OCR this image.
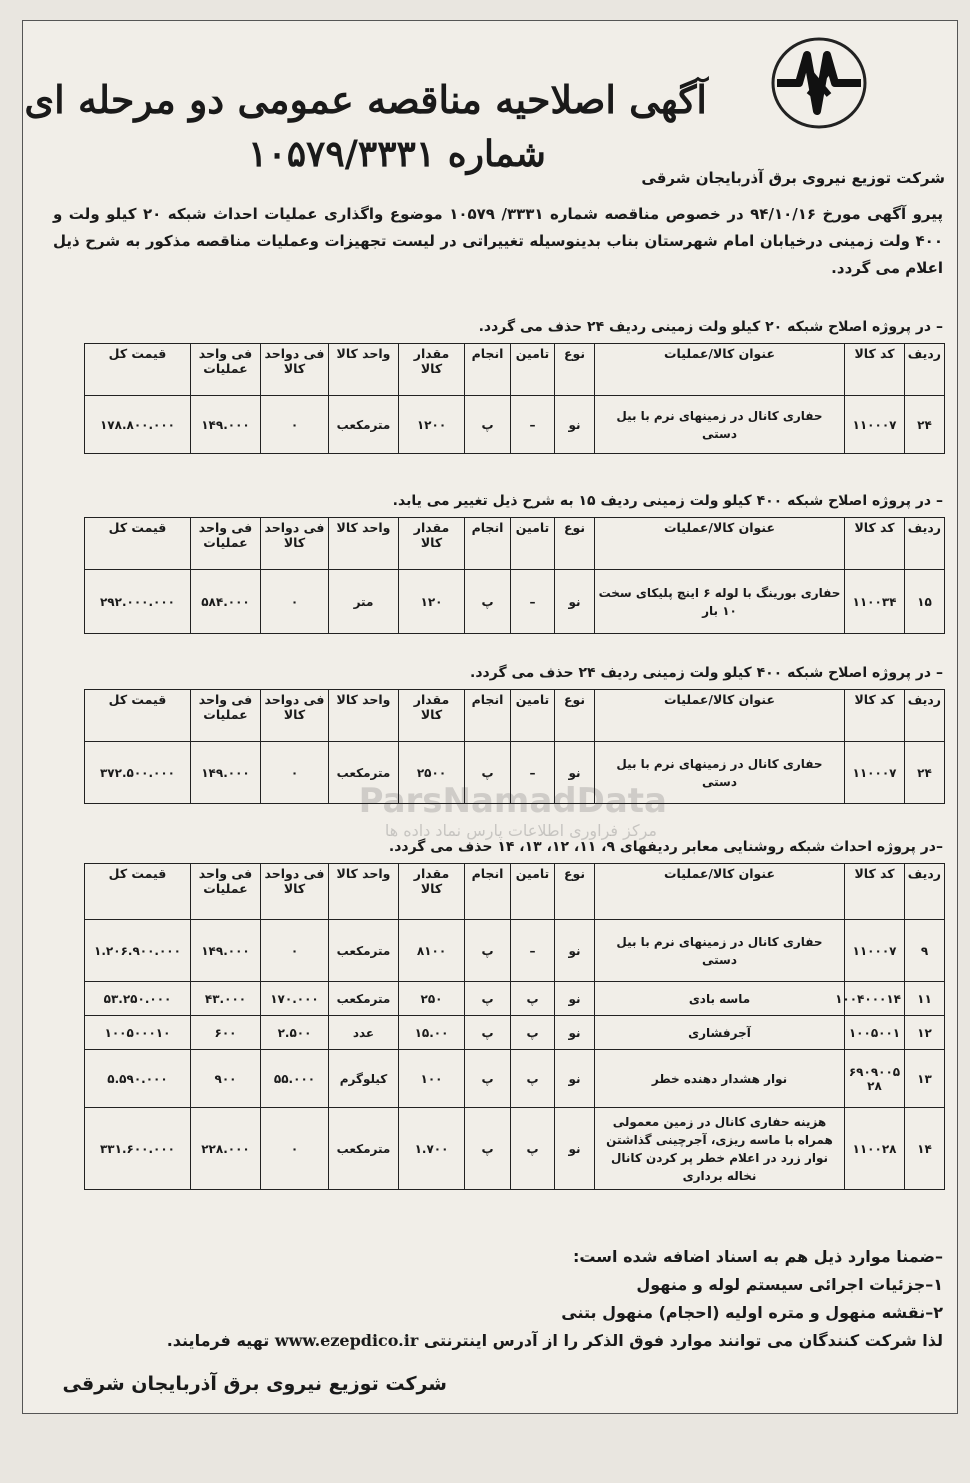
آگهی اصلاحیه مناقصه عمومی دو مرحله ای
شماره ۱۰۵۷۹/۳۳۳۱
شرکت توزیع نیروی برق آذربایجان شرقی
پیرو آگهی مورخ ۹۴/۱۰/۱۶ در خصوص مناقصه شماره ۳۳۳۱/ ۱۰۵۷۹ موضوع واگذاری عملیات احداث شبکه ۲۰ کیلو ولت و ۴۰۰ ولت زمینی درخیابان امام شهرستان بناب بدینوسیله تغییراتی در لیست تجهیزات وعملیات مناقصه مذکور به شرح ذیل اعلام می گردد.
ParsNamadData
مرکز فراوری اطلاعات پارس نماد داده ها
– در پروژه اصلاح شبکه ۲۰ کیلو ولت زمینی ردیف ۲۴ حذف می گردد.
ردیف	کد کالا	عنوان کالا/عملیات	نوع	تامین	انجام	مقدار کالا	واحد کالا	فی دواحد کالا	فی واحد عملیات	قیمت کل
۲۴	۱۱۰۰۰۷	حفاری کانال در زمینهای نرم با بیل دستی	نو	–	پ	۱۲۰۰	مترمکعب	۰	۱۴۹.۰۰۰	۱۷۸.۸۰۰.۰۰۰
– در پروژه اصلاح شبکه ۴۰۰ کیلو ولت زمینی ردیف ۱۵ به شرح ذیل تغییر می یابد.
ردیف	کد کالا	عنوان کالا/عملیات	نوع	تامین	انجام	مقدار کالا	واحد کالا	فی دواحد کالا	فی واحد عملیات	قیمت کل
۱۵	۱۱۰۰۳۴	حفاری بورینگ با لوله ۶ اینچ پلیکای سخت ۱۰ بار	نو	–	پ	۱۲۰	متر	۰	۵۸۴.۰۰۰	۲۹۲.۰۰۰.۰۰۰
– در پروژه اصلاح شبکه ۴۰۰ کیلو ولت زمینی ردیف ۲۴ حذف می گردد.
ردیف	کد کالا	عنوان کالا/عملیات	نوع	تامین	انجام	مقدار کالا	واحد کالا	فی دواحد کالا	فی واحد عملیات	قیمت کل
۲۴	۱۱۰۰۰۷	حفاری کانال در زمینهای نرم با بیل دستی	نو	–	پ	۲۵۰۰	مترمکعب	۰	۱۴۹.۰۰۰	۳۷۲.۵۰۰.۰۰۰
–در پروژه احداث شبکه روشنایی معابر ردیفهای ۹، ۱۱، ۱۲، ۱۳، ۱۴ حذف می گردد.
ردیف	کد کالا	عنوان کالا/عملیات	نوع	تامین	انجام	مقدار کالا	واحد کالا	فی دواحد کالا	فی واحد عملیات	قیمت کل
۹	۱۱۰۰۰۷	حفاری کانال در زمینهای نرم با بیل دستی	نو	–	پ	۸۱۰۰	مترمکعب	۰	۱۴۹.۰۰۰	۱.۲۰۶.۹۰۰.۰۰۰
۱۱	۱۰۰۴۰۰۰۱۴	ماسه بادی	نو	پ	پ	۲۵۰	مترمکعب	۱۷۰.۰۰۰	۴۳.۰۰۰	۵۳.۲۵۰.۰۰۰
۱۲	۱۰۰۵۰۰۱	آجرفشاری	نو	پ	پ	۱۵.۰۰	عدد	۲.۵۰۰	۶۰۰	۱۰۰۵۰۰۰۱۰
۱۳	۶۹۰۹۰۰۵ ۲۸	نوار هشدار دهنده خطر	نو	پ	پ	۱۰۰	کیلوگرم	۵۵.۰۰۰	۹۰۰	۵.۵۹۰.۰۰۰
۱۴	۱۱۰۰۲۸	هزینه حفاری کانال در زمین معمولی همراه با ماسه ریزی، آجرچینی گذاشتن نوار زرد در اعلام خطر پر کردن کانال نخاله برداری	نو	پ	پ	۱.۷۰۰	مترمکعب	۰	۲۲۸.۰۰۰	۳۳۱.۶۰۰.۰۰۰
–ضمنا موارد ذیل هم به اسناد اضافه شده است:
۱–جزئیات اجرائی سیستم لوله و منهول
۲–نقشه منهول و متره اولیه (احجام) منهول بتنی
لذا شرکت کنندگان می توانند موارد فوق الذکر را از آدرس اینترنتی www.ezepdico.ir تهیه فرمایند.
شرکت توزیع نیروی برق آذربایجان شرقی
